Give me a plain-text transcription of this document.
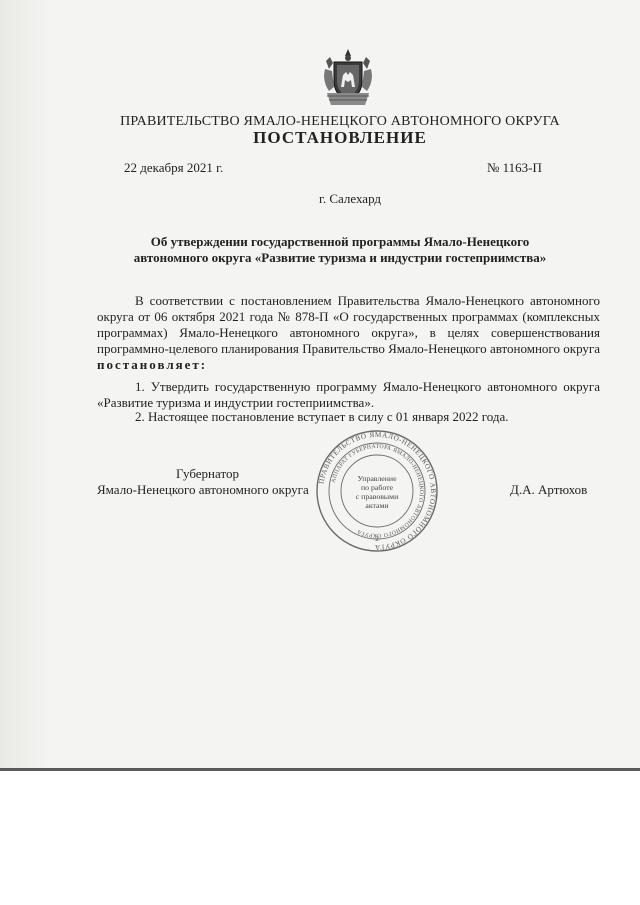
ПРАВИТЕЛЬСТВО ЯМАЛО-НЕНЕЦКОГО АВТОНОМНОГО ОКРУГА
ПОСТАНОВЛЕНИЕ
22 декабря 2021 г.	№ 1163-П
г. Салехард
Об утверждении государственной программы Ямало-Ненецкого
автономного округа «Развитие туризма и индустрии гостеприимства»
В соответствии с постановлением Правительства Ямало-Ненецкого автономного округа от 06 октября 2021 года № 878-П «О государственных программах (комплексных программах) Ямало-Ненецкого автономного округа», в целях совершенствования программно-целевого планирования Правительство Ямало-Ненецкого автономного округа постановляет:
1. Утвердить государственную программу Ямало-Ненецкого автономного округа «Развитие туризма и индустрии гостеприимства».
2. Настоящее постановление вступает в силу с 01 января 2022 года.
Губернатор
Ямало-Ненецкого автономного округа	Д.А. Артюхов
ПРАВИТЕЛЬСТВО ЯМАЛО-НЕНЕЦКОГО АВТОНОМНОГО ОКРУГА
АППАРАТ ГУБЕРНАТОРА ЯМАЛО-НЕНЕЦКОГО АВТОНОМНОГО ОКРУГА
Управление
по работе
с правовыми
актами
2
